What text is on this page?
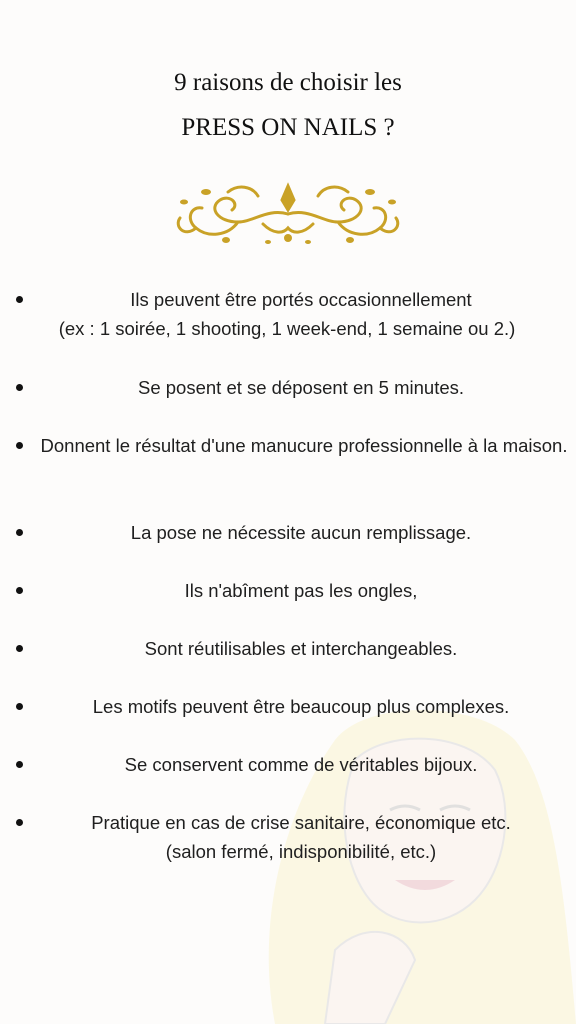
9 raisons de choisir les
PRESS ON NAILS ?
Ils peuvent être portés occasionnellement
(ex : 1 soirée, 1 shooting, 1 week-end, 1 semaine ou 2.)
Se posent et se déposent en 5 minutes.
Donnent le résultat d'une manucure professionnelle à la maison.
La pose ne nécessite aucun remplissage.
Ils n'abîment pas les ongles,
Sont réutilisables et interchangeables.
Les motifs peuvent être beaucoup plus complexes.
Se conservent comme de véritables bijoux.
Pratique en cas de crise sanitaire, économique etc.
(salon fermé, indisponibilité, etc.)
